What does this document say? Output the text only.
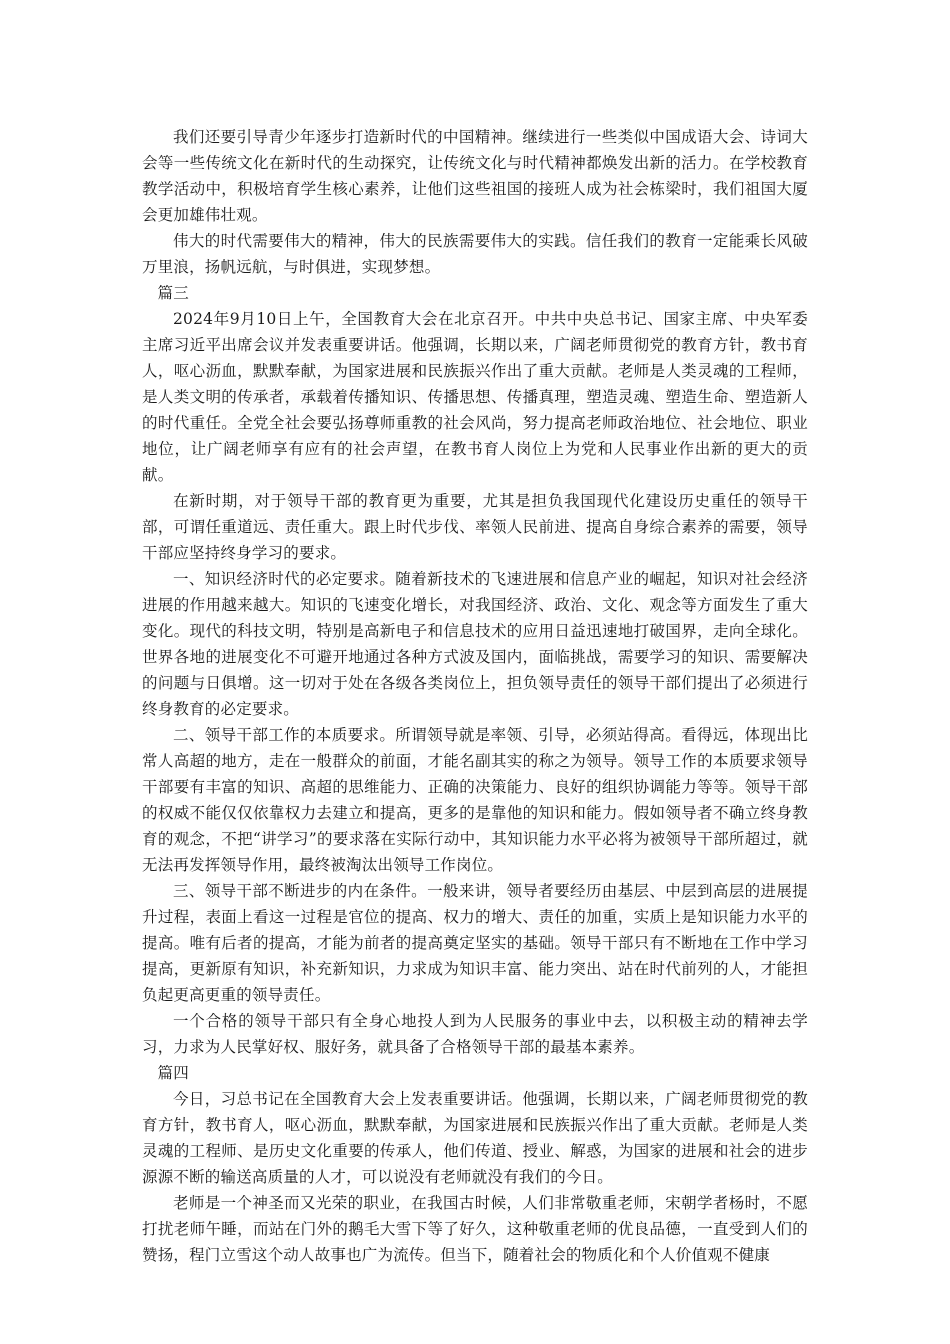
我们还要引导青少年逐步打造新时代的中国精神。继续进行一些类似中国成语大会、诗词大会等一些传统文化在新时代的生动探究，让传统文化与时代精神都焕发出新的活力。在学校教育教学活动中，积极培育学生核心素养，让他们这些祖国的接班人成为社会栋梁时，我们祖国大厦会更加雄伟壮观。

伟大的时代需要伟大的精神，伟大的民族需要伟大的实践。信任我们的教育一定能乘长风破万里浪，扬帆远航，与时俱进，实现梦想。

篇三

2024年9月10日上午，全国教育大会在北京召开。中共中央总书记、国家主席、中央军委主席习近平出席会议并发表重要讲话。他强调，长期以来，广阔老师贯彻党的教育方针，教书育人，呕心沥血，默默奉献，为国家进展和民族振兴作出了重大贡献。老师是人类灵魂的工程师，是人类文明的传承者，承载着传播知识、传播思想、传播真理，塑造灵魂、塑造生命、塑造新人的时代重任。全党全社会要弘扬尊师重教的社会风尚，努力提高老师政治地位、社会地位、职业地位，让广阔老师享有应有的社会声望，在教书育人岗位上为党和人民事业作出新的更大的贡献。

在新时期，对于领导干部的教育更为重要，尤其是担负我国现代化建设历史重任的领导干部，可谓任重道远、责任重大。跟上时代步伐、率领人民前进、提高自身综合素养的需要，领导干部应坚持终身学习的要求。

一、知识经济时代的必定要求。随着新技术的飞速进展和信息产业的崛起，知识对社会经济进展的作用越来越大。知识的飞速变化增长，对我国经济、政治、文化、观念等方面发生了重大变化。现代的科技文明，特别是高新电子和信息技术的应用日益迅速地打破国界，走向全球化。世界各地的进展变化不可避开地通过各种方式波及国内，面临挑战，需要学习的知识、需要解决的问题与日俱增。这一切对于处在各级各类岗位上，担负领导责任的领导干部们提出了必须进行终身教育的必定要求。

二、领导干部工作的本质要求。所谓领导就是率领、引导，必须站得高。看得远，体现出比常人高超的地方，走在一般群众的前面，才能名副其实的称之为领导。领导工作的本质要求领导干部要有丰富的知识、高超的思维能力、正确的决策能力、良好的组织协调能力等等。领导干部的权威不能仅仅依靠权力去建立和提高，更多的是靠他的知识和能力。假如领导者不确立终身教育的观念，不把“讲学习”的要求落在实际行动中，其知识能力水平必将为被领导干部所超过，就无法再发挥领导作用，最终被淘汰出领导工作岗位。

三、领导干部不断进步的内在条件。一般来讲，领导者要经历由基层、中层到高层的进展提升过程，表面上看这一过程是官位的提高、权力的增大、责任的加重，实质上是知识能力水平的提高。唯有后者的提高，才能为前者的提高奠定坚实的基础。领导干部只有不断地在工作中学习提高，更新原有知识，补充新知识，力求成为知识丰富、能力突出、站在时代前列的人，才能担负起更高更重的领导责任。

一个合格的领导干部只有全身心地投人到为人民服务的事业中去，以积极主动的精神去学习，力求为人民掌好权、服好务，就具备了合格领导干部的最基本素养。

篇四

今日，习总书记在全国教育大会上发表重要讲话。他强调，长期以来，广阔老师贯彻党的教育方针，教书育人，呕心沥血，默默奉献，为国家进展和民族振兴作出了重大贡献。老师是人类灵魂的工程师、是历史文化重要的传承人，他们传道、授业、解惑，为国家的进展和社会的进步源源不断的输送高质量的人才，可以说没有老师就没有我们的今日。

老师是一个神圣而又光荣的职业，在我国古时候，人们非常敬重老师，宋朝学者杨时，不愿打扰老师午睡，而站在门外的鹅毛大雪下等了好久，这种敬重老师的优良品德，一直受到人们的赞扬，程门立雪这个动人故事也广为流传。但当下，随着社会的物质化和个人价值观不健康
